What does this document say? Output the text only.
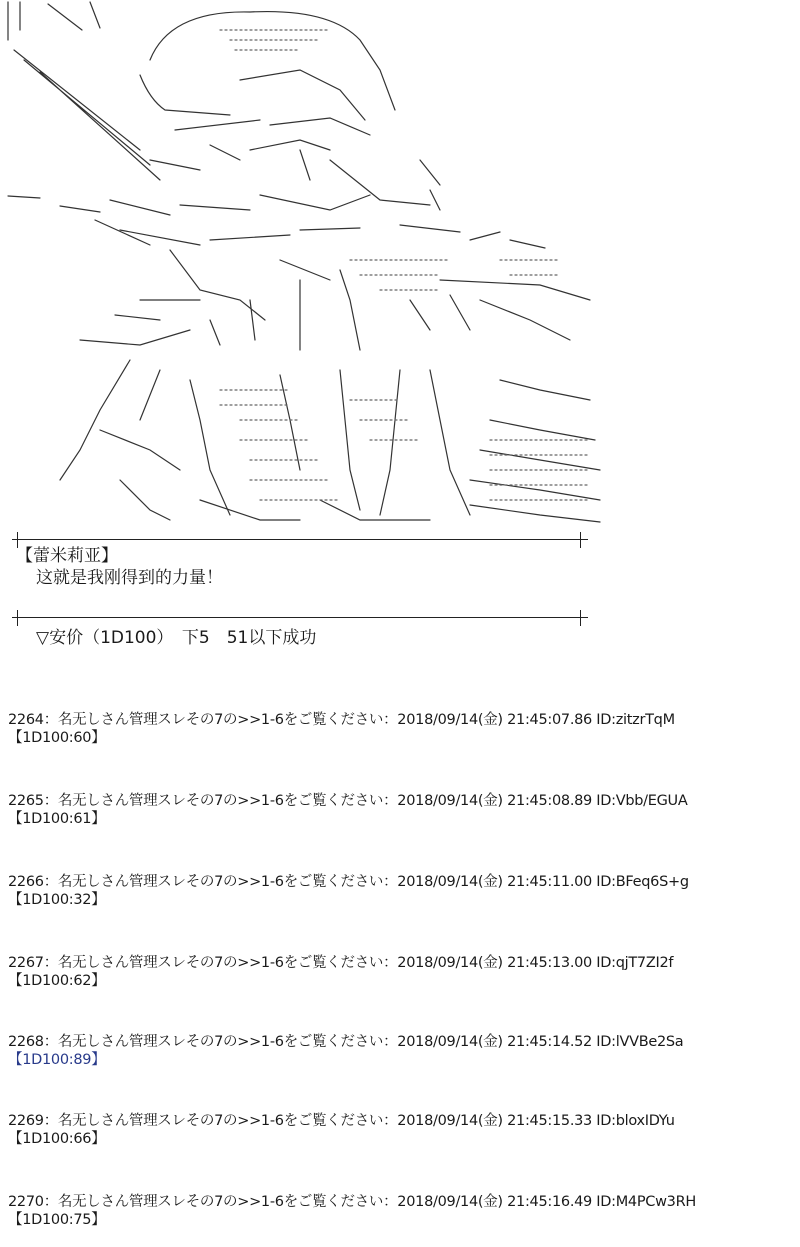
【蕾米莉亚】
这就是我刚得到的力量！
▽安价（1D100）　下5　51以下成功
2264：名无しさん管理スレその7の>>1-6をご覧ください：2018/09/14(金) 21:45:07.86 ID:zitzrTqM
【1D100:60】
2265：名无しさん管理スレその7の>>1-6をご覧ください：2018/09/14(金) 21:45:08.89 ID:Vbb/EGUA
【1D100:61】
2266：名无しさん管理スレその7の>>1-6をご覧ください：2018/09/14(金) 21:45:11.00 ID:BFeq6S+g
【1D100:32】
2267：名无しさん管理スレその7の>>1-6をご覧ください：2018/09/14(金) 21:45:13.00 ID:qjT7ZI2f
【1D100:62】
2268：名无しさん管理スレその7の>>1-6をご覧ください：2018/09/14(金) 21:45:14.52 ID:lVVBe2Sa
【1D100:89】
2269：名无しさん管理スレその7の>>1-6をご覧ください：2018/09/14(金) 21:45:15.33 ID:bloxIDYu
【1D100:66】
2270：名无しさん管理スレその7の>>1-6をご覧ください：2018/09/14(金) 21:45:16.49 ID:M4PCw3RH
【1D100:75】
